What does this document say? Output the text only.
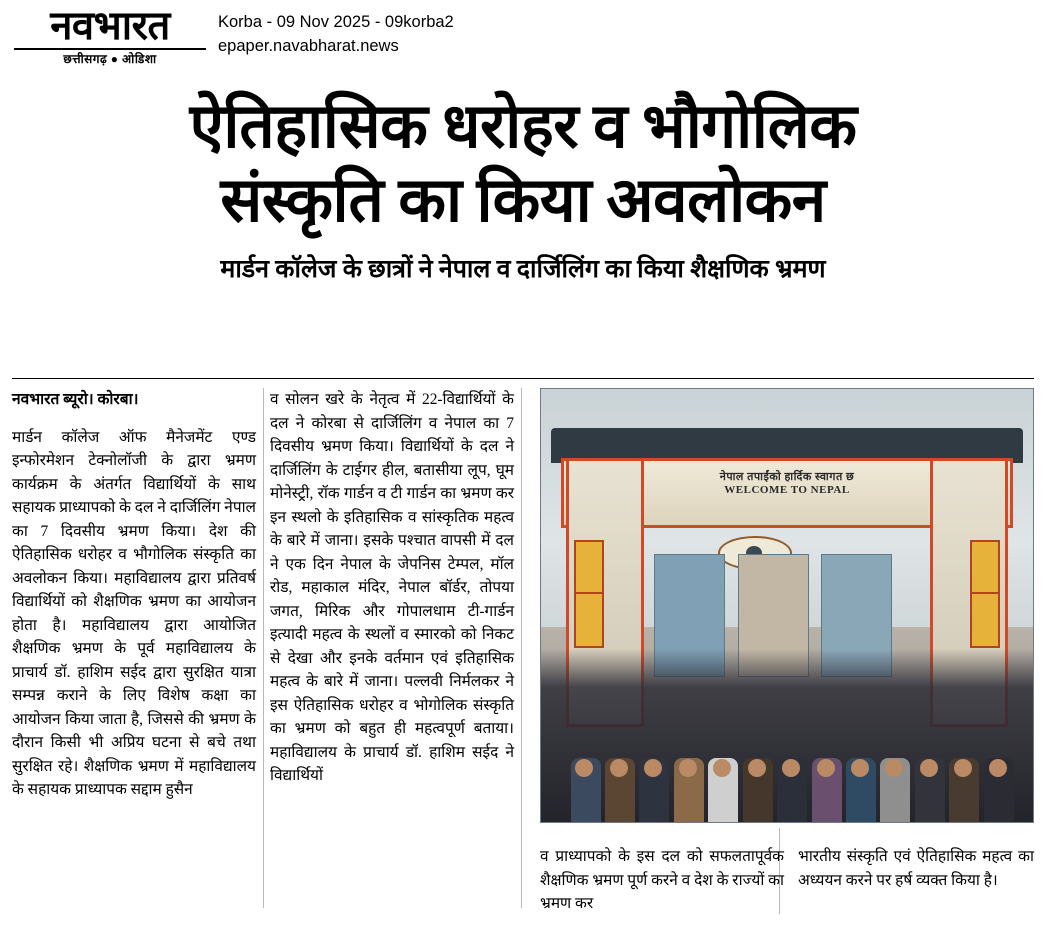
नवभारत
छत्तीसगढ़ ● ओडिशा
Korba - 09 Nov 2025 - 09korba2
epaper.navabharat.news
ऐतिहासिक धरोहर व भौगोलिक
संस्कृति का किया अवलोकन
मार्डन कॉलेज के छात्रों ने नेपाल व दार्जिलिंग का किया शैक्षणिक भ्रमण
नवभारत ब्यूरो। कोरबा।

मार्डन कॉलेज ऑफ मैनेजमेंट एण्ड इन्फोरमेशन टेक्नोलॉजी के द्वारा भ्रमण कार्यक्रम के अंतर्गत विद्यार्थियों के साथ सहायक प्राध्यापको के दल ने दार्जिलिंग नेपाल का 7 दिवसीय भ्रमण किया। देश की ऐतिहासिक धरोहर व भौगोलिक संस्कृति का अवलोकन किया। महाविद्यालय द्वारा प्रतिवर्ष विद्यार्थियों को शैक्षणिक भ्रमण का आयोजन होता है। महाविद्यालय द्वारा आयोजित शैक्षणिक भ्रमण के पूर्व महाविद्यालय के प्राचार्य डॉ. हाशिम सईद द्वारा सुरक्षित यात्रा सम्पन्न कराने के लिए विशेष कक्षा का आयोजन किया जाता है, जिससे की भ्रमण के दौरान किसी भी अप्रिय घटना से बचे तथा सुरक्षित रहे। शैक्षणिक भ्रमण में महाविद्यालय के सहायक प्राध्यापक सद्दाम हुसैन

व सोलन खरे के नेतृत्व में 22-विद्यार्थियों के दल ने कोरबा से दार्जिलिंग व नेपाल का 7 दिवसीय भ्रमण किया। विद्यार्थियों के दल ने दार्जिलिंग के टाईगर हील, बतासीया लूप, घूम मोनेस्ट्री, रॉक गार्डन व टी गार्डन का भ्रमण कर इन स्थलो के इतिहासिक व सांस्कृतिक महत्व के बारे में जाना। इसके पश्चात वापसी में दल ने एक दिन नेपाल के जेपनिस टेम्पल, मॉल रोड, महाकाल मंदिर, नेपाल बॉर्डर, तोपया जगत, मिरिक और गोपालधाम टी-गार्डन इत्यादी महत्व के स्थलों व स्मारको को निकट से देखा और इनके वर्तमान एवं इतिहासिक महत्व के बारे में जाना। पल्लवी निर्मलकर ने इस ऐतिहासिक धरोहर व भोगोलिक संस्कृति का भ्रमण को बहुत ही महत्वपूर्ण बताया। महाविद्यालय के प्राचार्य डॉ. हाशिम सईद ने विद्यार्थियों

नेपाल तपाईंको हार्दिक स्वागत छ
WELCOME TO NEPAL

व प्राध्यापको के इस दल को सफलतापूर्वक शैक्षणिक भ्रमण पूर्ण करने व देश के राज्यों का भ्रमण कर

भारतीय संस्कृति एवं ऐतिहासिक महत्व का अध्ययन करने पर हर्ष व्यक्त किया है।
